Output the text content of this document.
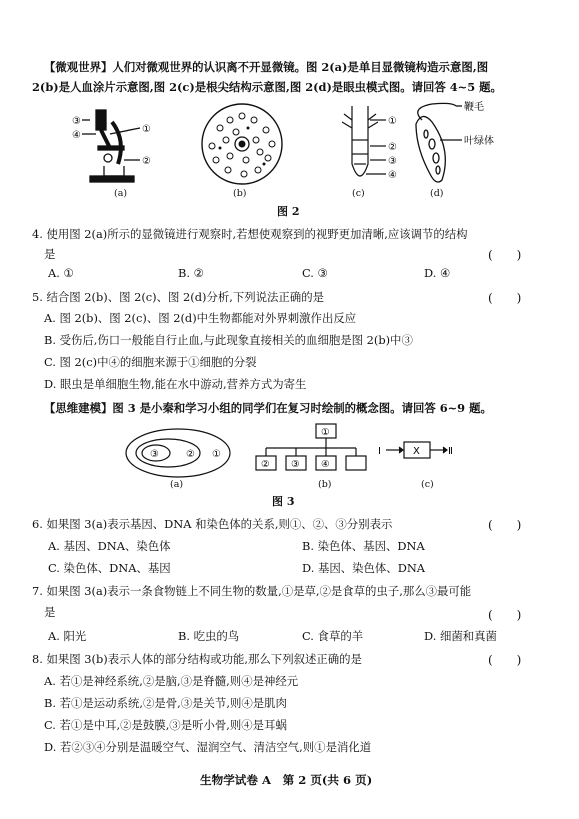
【微观世界】人们对微观世界的认识离不开显微镜。图 2(a)是单目显微镜构造示意图,图
2(b)是人血涂片示意图,图 2(c)是根尖结构示意图,图 2(d)是眼虫模式图。请回答 4~5 题。
③
④
①
②
①
②
③
④
鞭毛
叶绿体
(a)	(b)	(c)	(d)
图 2
4. 使用图 2(a)所示的显微镜进行观察时,若想使观察到的视野更加清晰,应该调节的结构
是	(　　)
A. ①	B. ②	C. ③	D. ④
5. 结合图 2(b)、图 2(c)、图 2(d)分析,下列说法正确的是	(　　)
A. 图 2(b)、图 2(c)、图 2(d)中生物都能对外界刺激作出反应
B. 受伤后,伤口一般能自行止血,与此现象直接相关的血细胞是图 2(b)中③
C. 图 2(c)中④的细胞来源于①细胞的分裂
D. 眼虫是单细胞生物,能在水中游动,营养方式为寄生
【思维建模】图 3 是小秦和学习小组的同学们在复习时绘制的概念图。请回答 6~9 题。
③	② ①
①
② ③ ④
Ⅰ	X	Ⅱ
(a)	(b)	(c)
图 3
6. 如果图 3(a)表示基因、DNA 和染色体的关系,则①、②、③分别表示	(　　)
A. 基因、DNA、染色体	B. 染色体、基因、DNA
C. 染色体、DNA、基因	D. 基因、染色体、DNA
7. 如果图 3(a)表示一条食物链上不同生物的数量,①是草,②是食草的虫子,那么③最可能
是	(　　)
A. 阳光	B. 吃虫的鸟	C. 食草的羊	D. 细菌和真菌
8. 如果图 3(b)表示人体的部分结构或功能,那么下列叙述正确的是	(　　)
A. 若①是神经系统,②是脑,③是脊髓,则④是神经元
B. 若①是运动系统,②是骨,③是关节,则④是肌肉
C. 若①是中耳,②是鼓膜,③是听小骨,则④是耳蜗
D. 若②③④分别是温暖空气、湿润空气、清洁空气,则①是消化道
生物学试卷 A　第 2 页(共 6 页)
